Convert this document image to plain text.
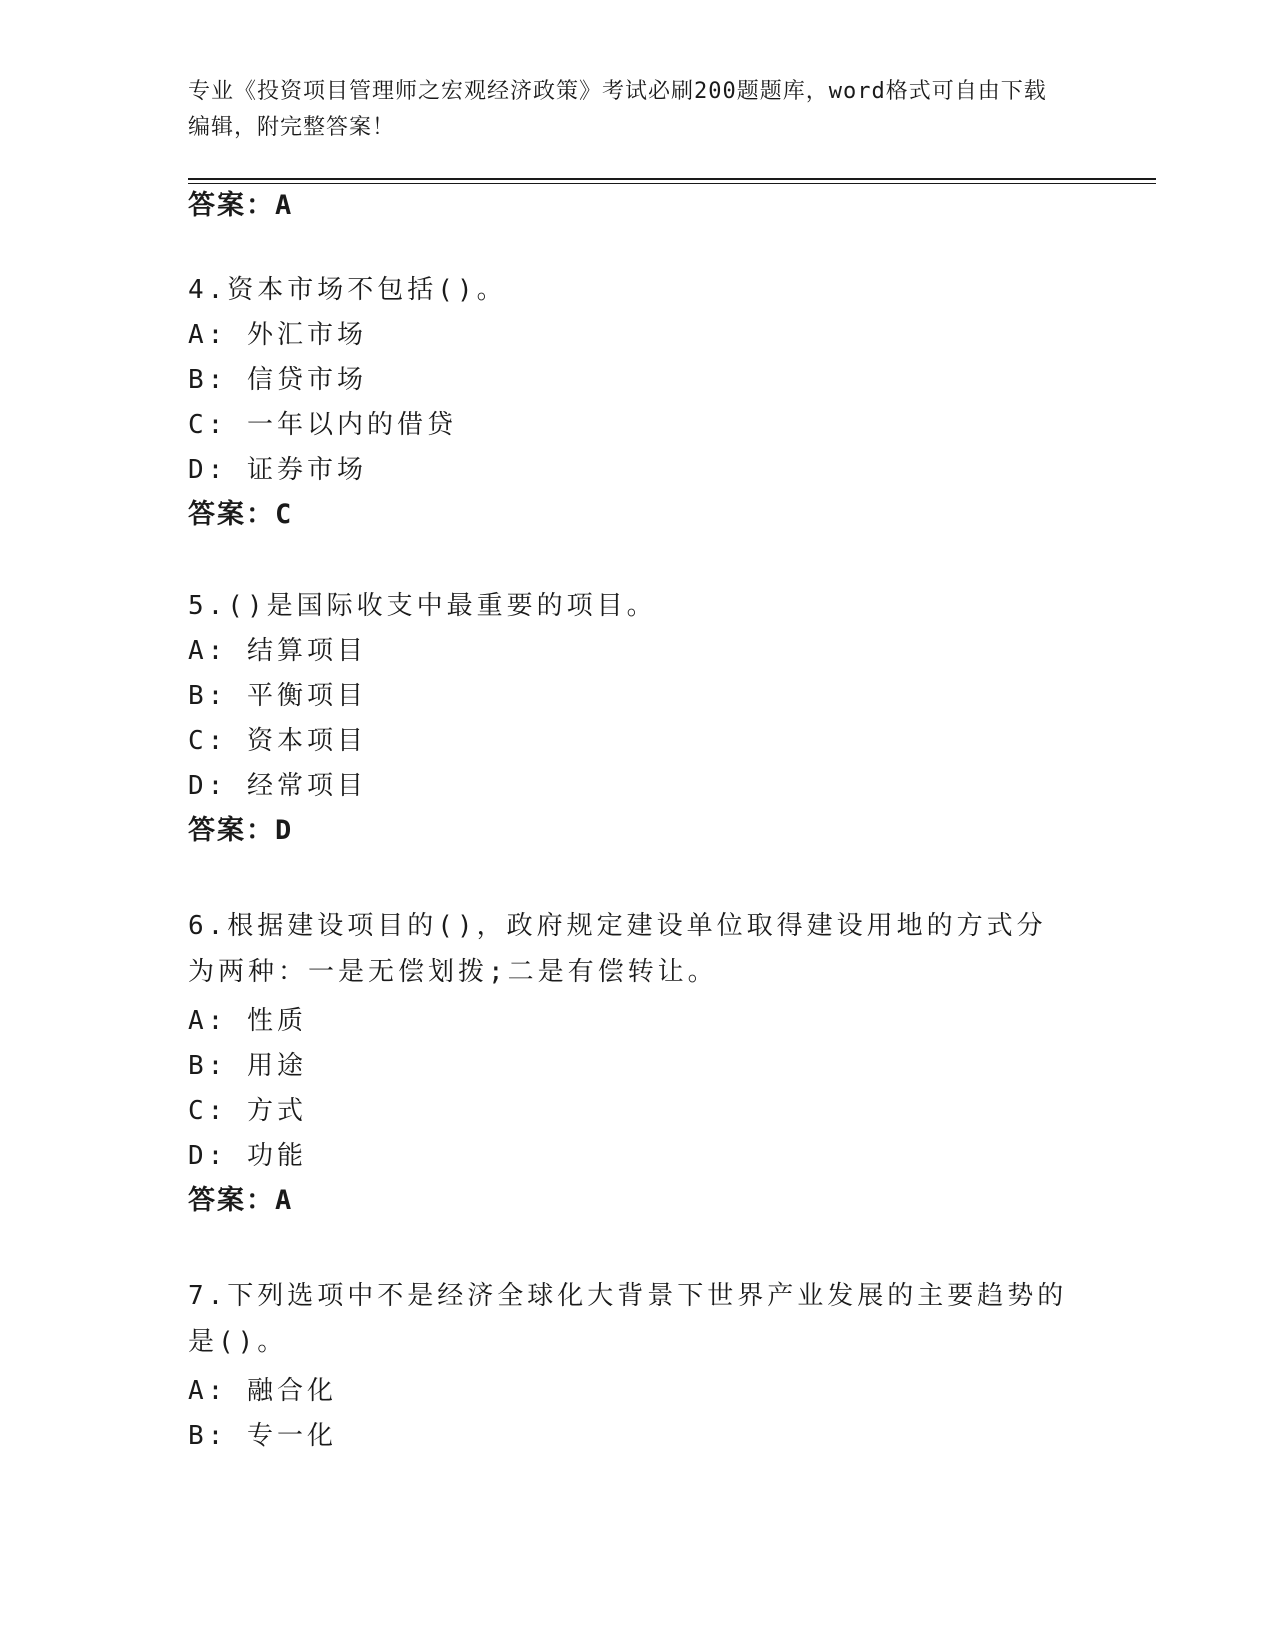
专业《投资项目管理师之宏观经济政策》考试必刷200题题库，word格式可自由下载编辑，附完整答案！
答案：A
4.资本市场不包括()。
A: 外汇市场
B: 信贷市场
C: 一年以内的借贷
D: 证券市场
答案：C
5.()是国际收支中最重要的项目。
A: 结算项目
B: 平衡项目
C: 资本项目
D: 经常项目
答案：D
6.根据建设项目的()，政府规定建设单位取得建设用地的方式分为两种：一是无偿划拨;二是有偿转让。
A: 性质
B: 用途
C: 方式
D: 功能
答案：A
7.下列选项中不是经济全球化大背景下世界产业发展的主要趋势的是()。
A: 融合化
B: 专一化
